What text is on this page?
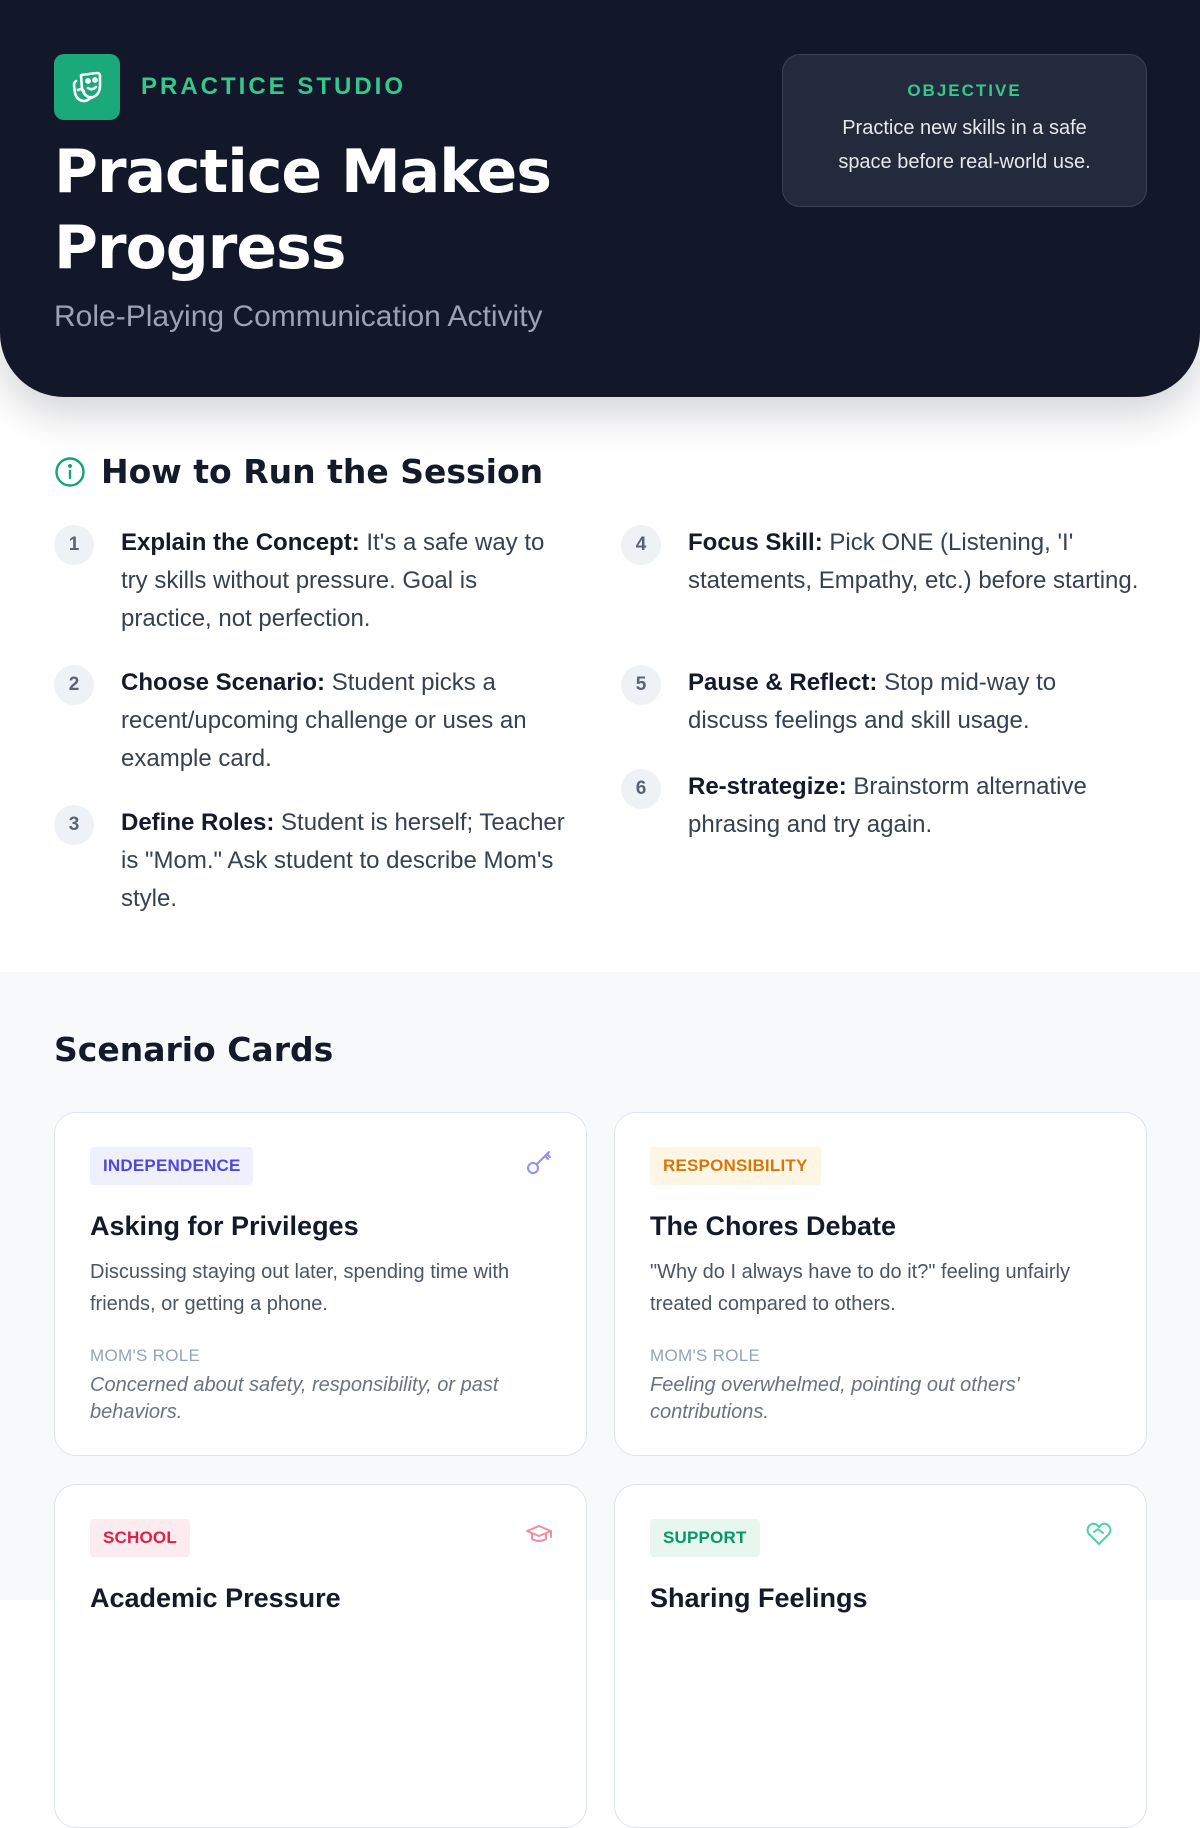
PRACTICE STUDIO
Practice Makes Progress
Role-Playing Communication Activity
OBJECTIVE
Practice new skills in a safe space before real-world use.
How to Run the Session
1	Explain the Concept: It's a safe way to try skills without pressure. Goal is practice, not perfection.
2	Choose Scenario: Student picks a recent/upcoming challenge or uses an example card.
3	Define Roles: Student is herself; Teacher is "Mom." Ask student to describe Mom's style.
4	Focus Skill: Pick ONE (Listening, 'I' statements, Empathy, etc.) before starting.
5	Pause & Reflect: Stop mid-way to discuss feelings and skill usage.
6	Re-strategize: Brainstorm alternative phrasing and try again.
Scenario Cards
INDEPENDENCE
Asking for Privileges
Discussing staying out later, spending time with friends, or getting a phone.
MOM'S ROLE
Concerned about safety, responsibility, or past behaviors.
RESPONSIBILITY
The Chores Debate
"Why do I always have to do it?" feeling unfairly treated compared to others.
MOM'S ROLE
Feeling overwhelmed, pointing out others' contributions.
SCHOOL
Academic Pressure
SUPPORT
Sharing Feelings
